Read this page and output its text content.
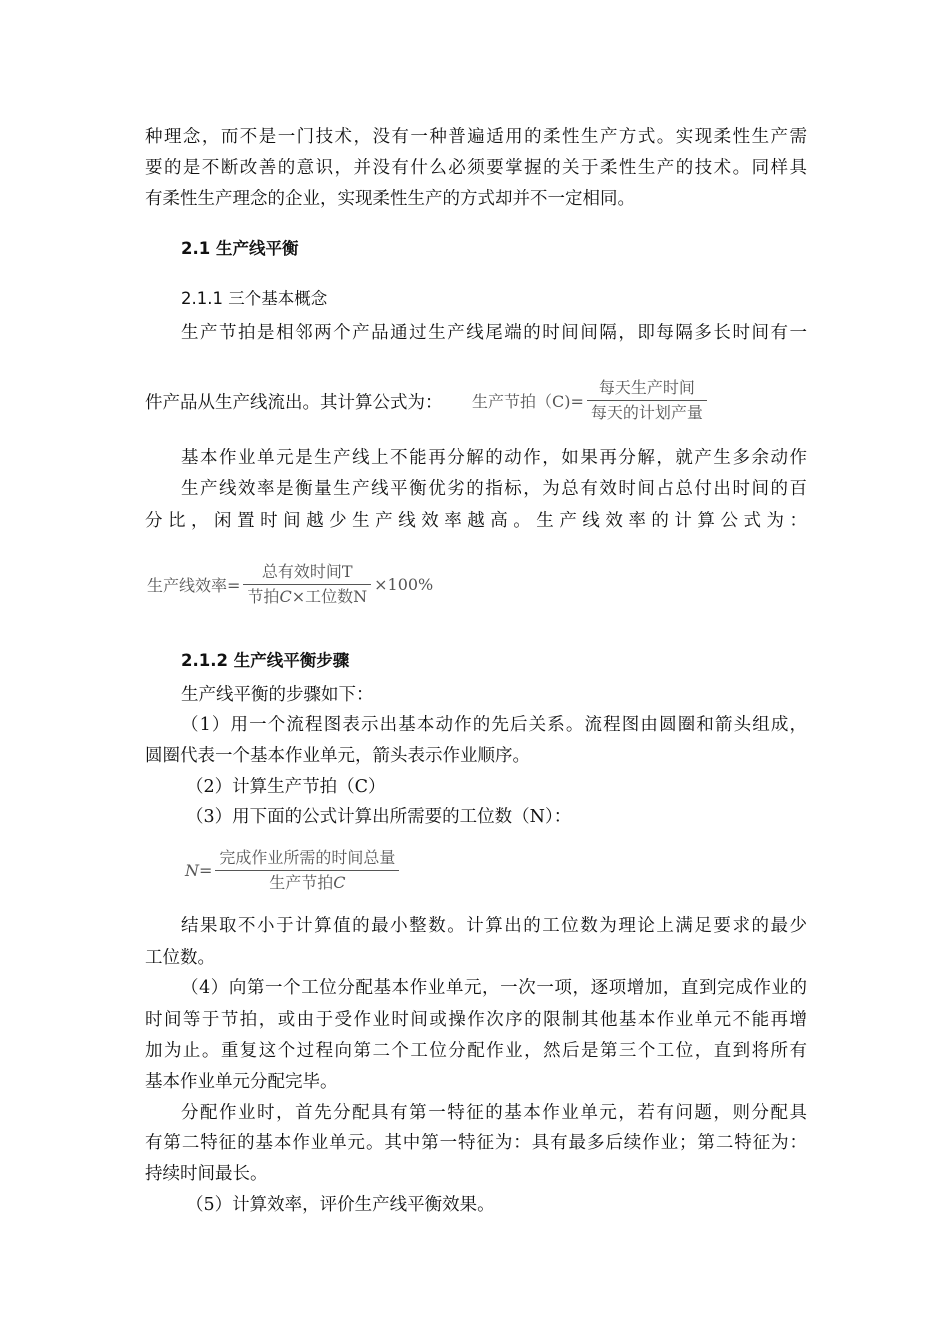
种理念，而不是一门技术，没有一种普遍适用的柔性生产方式。实现柔性生产需
要的是不断改善的意识，并没有什么必须要掌握的关于柔性生产的技术。同样具
有柔性生产理念的企业，实现柔性生产的方式却并不一定相同。
2.1 生产线平衡
2.1.1 三个基本概念
生产节拍是相邻两个产品通过生产线尾端的时间间隔，即每隔多长时间有一
件产品从生产线流出。其计算公式为：	生产节拍$(C)= \frac{\text{每天生产时间}}{\text{每天的计划产量}}$
基本作业单元是生产线上不能再分解的动作，如果再分解，就产生多余动作
生产线效率是衡量生产线平衡优劣的指标，为总有效时间占总付出时间的百
分比，闲置时间越少生产线效率越高。生产线效率的计算公式为：
生产线效率= $\frac{\text{总有效时间T}}{\text{节拍C×工位数N}} \times 100\%$
2.1.2 生产线平衡步骤
生产线平衡的步骤如下：
（1）用一个流程图表示出基本动作的先后关系。流程图由圆圈和箭头组成，
圆圈代表一个基本作业单元，箭头表示作业顺序。
（2）计算生产节拍（C）
（3）用下面的公式计算出所需要的工位数（N）：
$N = \frac{\text{完成作业所需的时间总量}}{\text{生产节拍C}}$
结果取不小于计算值的最小整数。计算出的工位数为理论上满足要求的最少
工位数。
（4）向第一个工位分配基本作业单元，一次一项，逐项增加，直到完成作业的
时间等于节拍，或由于受作业时间或操作次序的限制其他基本作业单元不能再增
加为止。重复这个过程向第二个工位分配作业，然后是第三个工位，直到将所有
基本作业单元分配完毕。
分配作业时，首先分配具有第一特征的基本作业单元，若有问题，则分配具
有第二特征的基本作业单元。其中第一特征为：具有最多后续作业；第二特征为：
持续时间最长。
（5）计算效率，评价生产线平衡效果。
